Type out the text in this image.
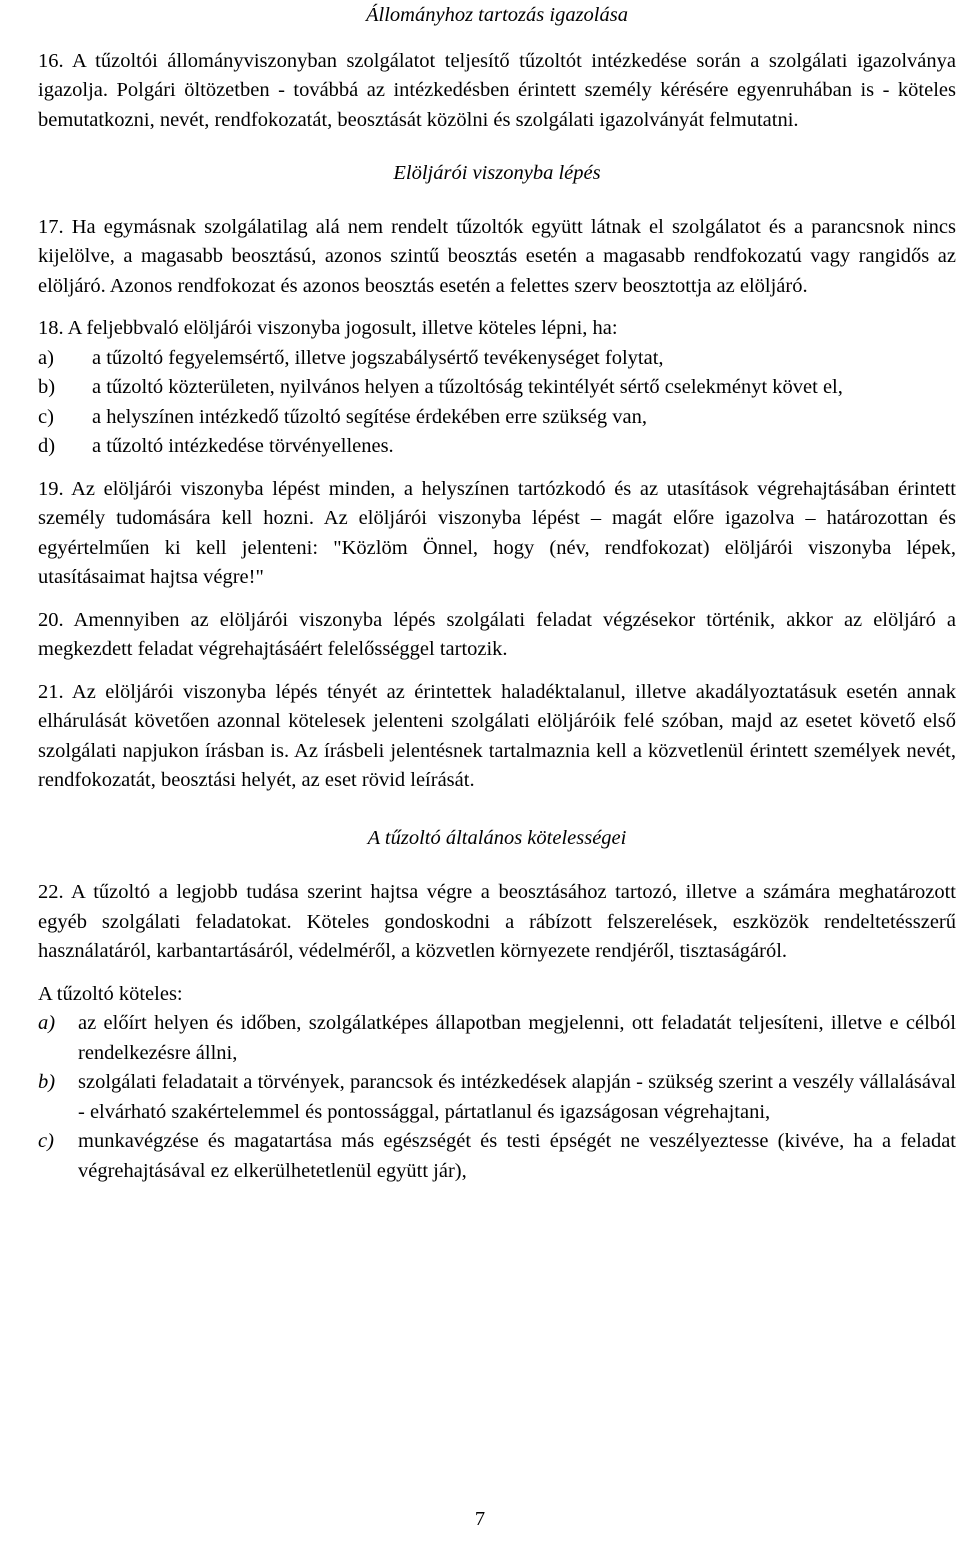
Állományhoz tartozás igazolása

16. A tűzoltói állományviszonyban szolgálatot teljesítő tűzoltót intézkedése során a szolgálati igazolványa igazolja. Polgári öltözetben - továbbá az intézkedésben érintett személy kérésére egyenruhában is - köteles bemutatkozni, nevét, rendfokozatát, beosztását közölni és szolgálati igazolványát felmutatni.

Elöljárói viszonyba lépés

17. Ha egymásnak szolgálatilag alá nem rendelt tűzoltók együtt látnak el szolgálatot és a parancsnok nincs kijelölve, a magasabb beosztású, azonos szintű beosztás esetén a magasabb rendfokozatú vagy rangidős az elöljáró. Azonos rendfokozat és azonos beosztás esetén a felettes szerv beosztottja az elöljáró.

18. A feljebbvaló elöljárói viszonyba jogosult, illetve köteles lépni, ha:

a) a tűzoltó fegyelemsértő, illetve jogszabálysértő tevékenységet folytat,
b) a tűzoltó közterületen, nyilvános helyen a tűzoltóság tekintélyét sértő cselekményt követ el,
c) a helyszínen intézkedő tűzoltó segítése érdekében erre szükség van,
d) a tűzoltó intézkedése törvényellenes.

19. Az elöljárói viszonyba lépést minden, a helyszínen tartózkodó és az utasítások végrehajtásában érintett személy tudomására kell hozni. Az elöljárói viszonyba lépést – magát előre igazolva – határozottan és egyértelműen ki kell jelenteni: "Közlöm Önnel, hogy (név, rendfokozat) elöljárói viszonyba lépek, utasításaimat hajtsa végre!"

20. Amennyiben az elöljárói viszonyba lépés szolgálati feladat végzésekor történik, akkor az elöljáró a megkezdett feladat végrehajtásáért felelősséggel tartozik.

21. Az elöljárói viszonyba lépés tényét az érintettek haladéktalanul, illetve akadályoztatásuk esetén annak elhárulását követően azonnal kötelesek jelenteni szolgálati elöljáróik felé szóban, majd az esetet követő első szolgálati napjukon írásban is. Az írásbeli jelentésnek tartalmaznia kell a közvetlenül érintett személyek nevét, rendfokozatát, beosztási helyét, az eset rövid leírását.

A tűzoltó általános kötelességei

22. A tűzoltó a legjobb tudása szerint hajtsa végre a beosztásához tartozó, illetve a számára meghatározott egyéb szolgálati feladatokat. Köteles gondoskodni a rábízott felszerelések, eszközök rendeltetésszerű használatáról, karbantartásáról, védelméről, a közvetlen környezete rendjéről, tisztaságáról.

A tűzoltó köteles:

a) az előírt helyen és időben, szolgálatképes állapotban megjelenni, ott feladatát teljesíteni, illetve e célból rendelkezésre állni,
b) szolgálati feladatait a törvények, parancsok és intézkedések alapján - szükség szerint a veszély vállalásával - elvárható szakértelemmel és pontossággal, pártatlanul és igazságosan végrehajtani,
c) munkavégzése és magatartása más egészségét és testi épségét ne veszélyeztesse (kivéve, ha a feladat végrehajtásával ez elkerülhetetlenül együtt jár),
7
